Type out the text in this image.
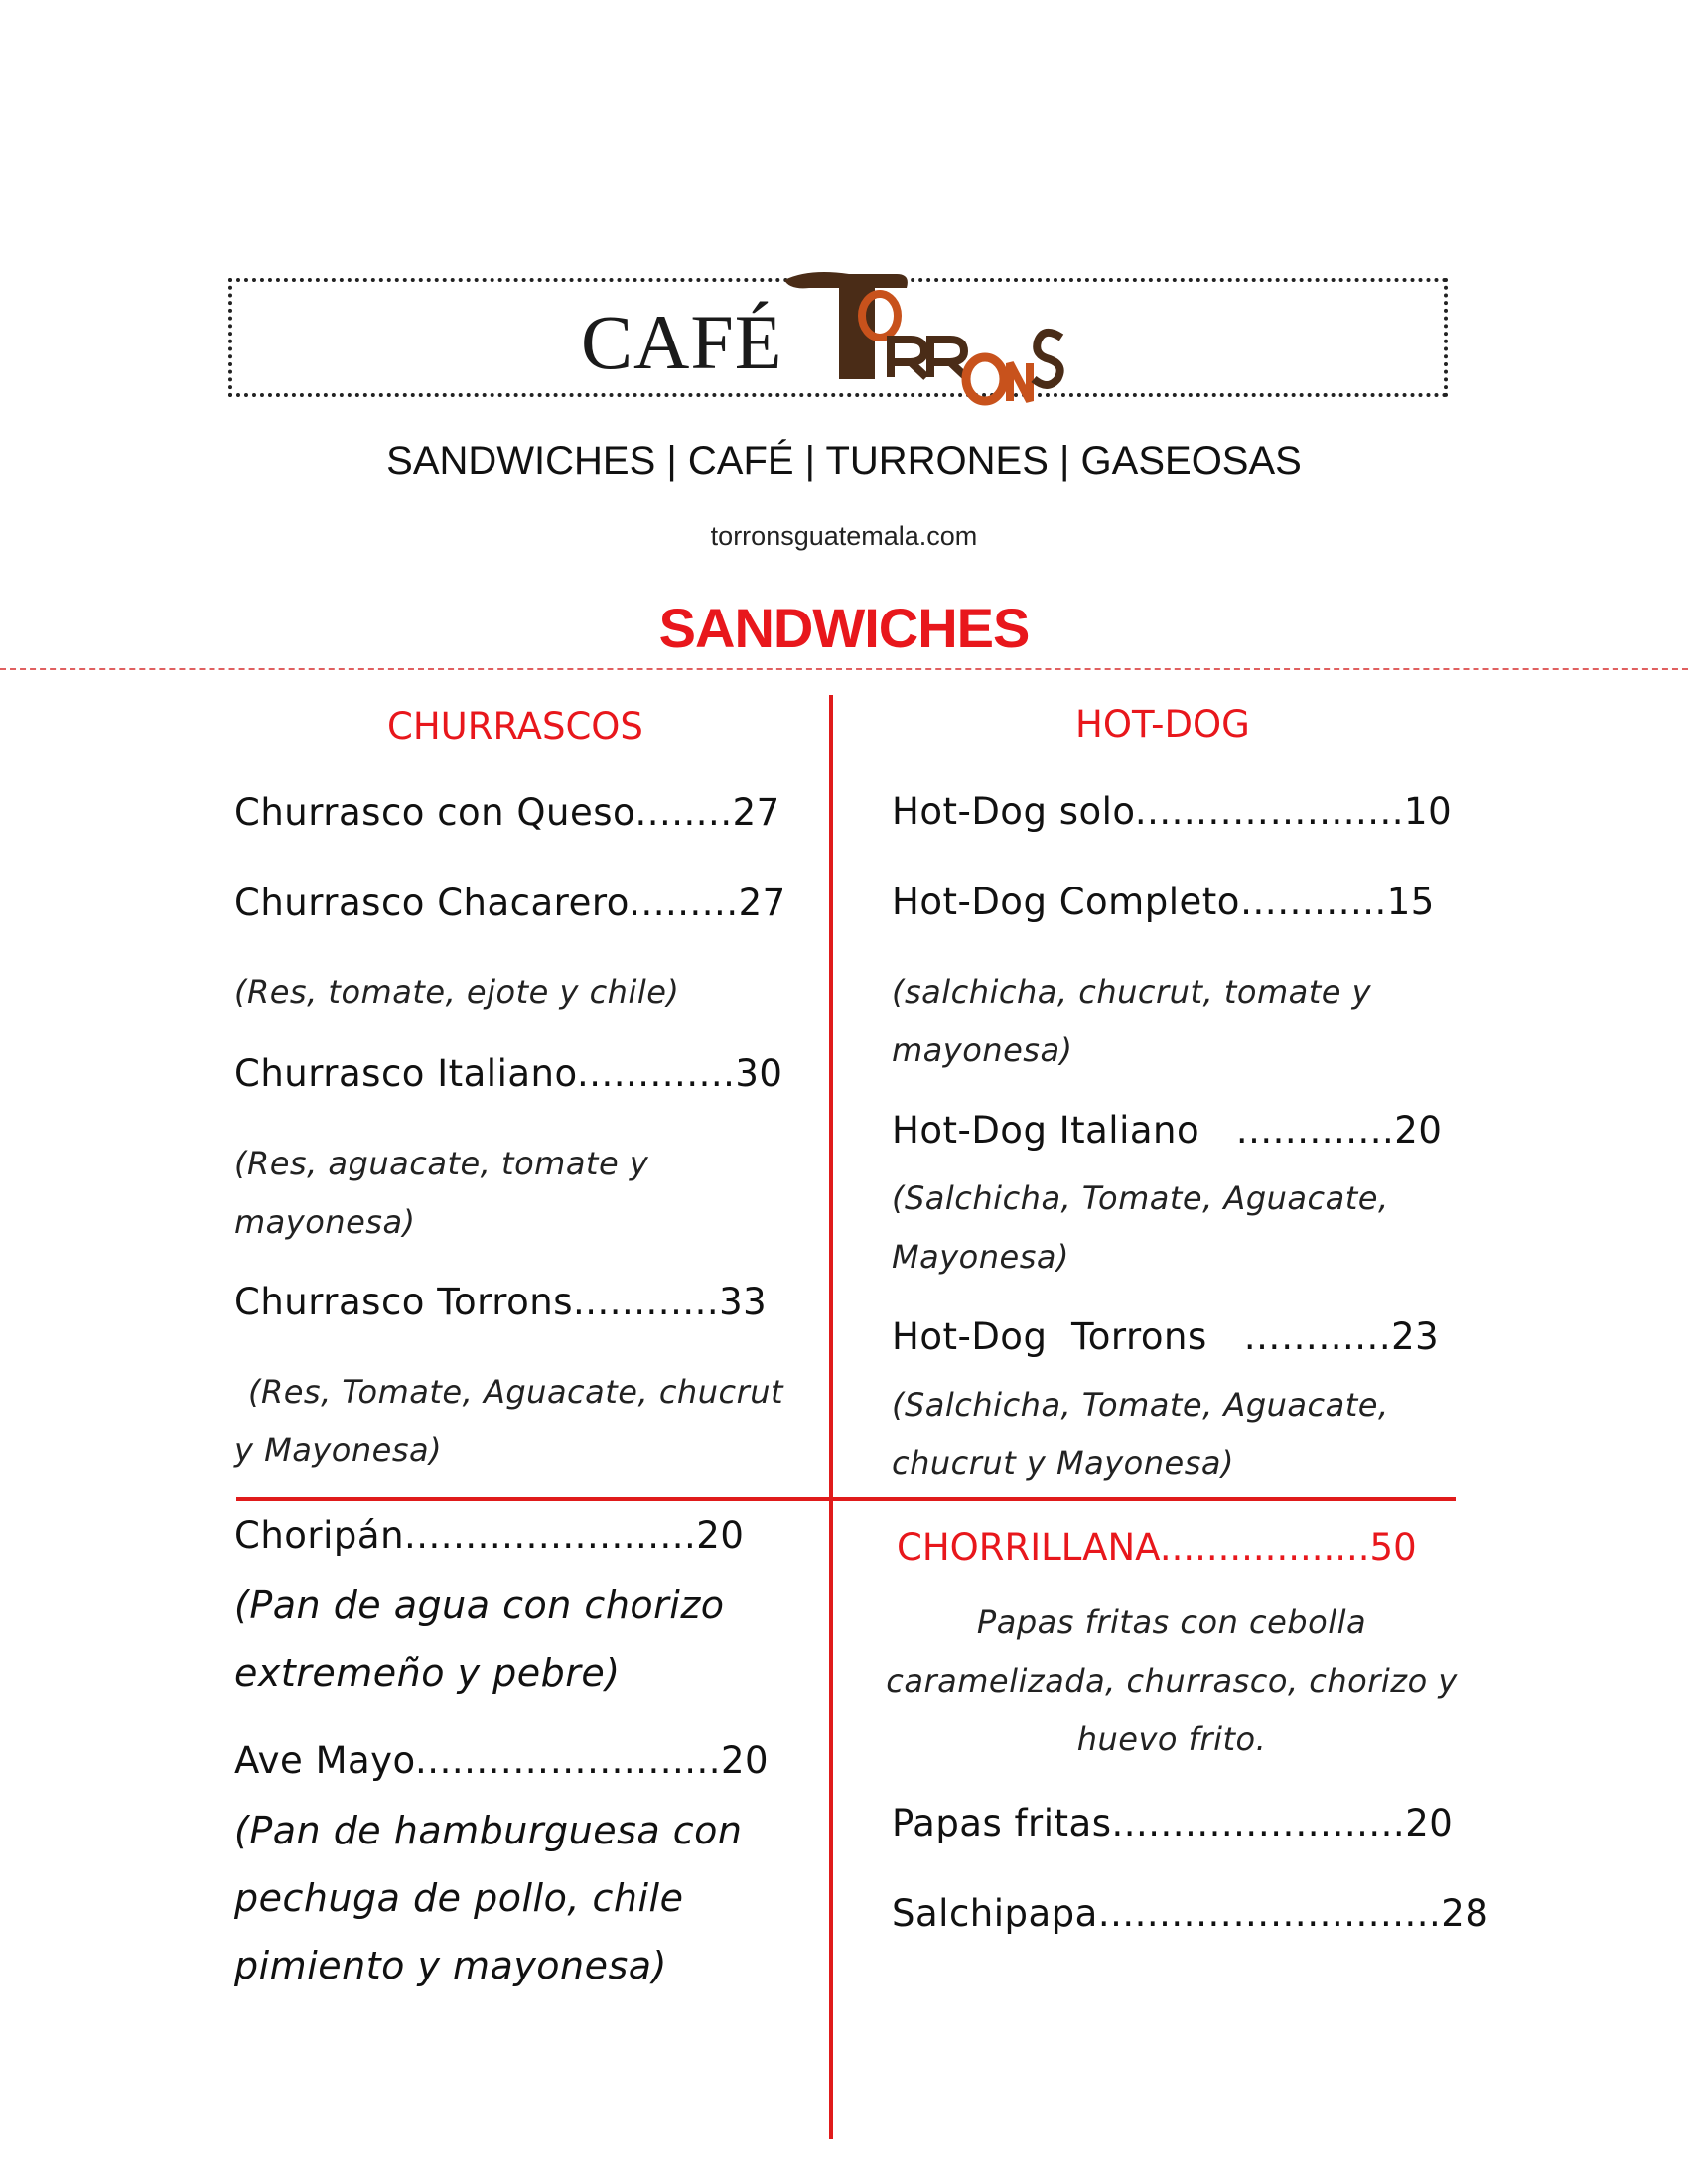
CAFÉ
SANDWICHES | CAFÉ | TURRONES | GASEOSAS
torronsguatemala.com
SANDWICHES
CHURRASCOS
Churrasco con Queso........27
Churrasco Chacarero.........27
(Res, tomate, ejote y chile)
Churrasco Italiano.............30
(Res, aguacate, tomate y mayonesa)
Churrasco Torrons............33
(Res, Tomate, Aguacate, chucrut y Mayonesa)
HOT-DOG
Hot-Dog solo........……........10
Hot-Dog Completo….........15
(salchicha, chucrut, tomate y mayonesa)
Hot-Dog Italiano   .............20
(Salchicha, Tomate, Aguacate, Mayonesa)
Hot-Dog  Torrons   ……......23
(Salchicha, Tomate, Aguacate, chucrut y Mayonesa)
Choripán........................20
(Pan de agua con chorizo extremeño y pebre)
Ave Mayo........……...........20
(Pan de hamburguesa con pechuga de pollo, chile pimiento y mayonesa)
CHORRILLANA..................50
Papas fritas con cebolla caramelizada, churrasco, chorizo y huevo frito.
Papas fritas............……......20
Salchipapa........………...........28
